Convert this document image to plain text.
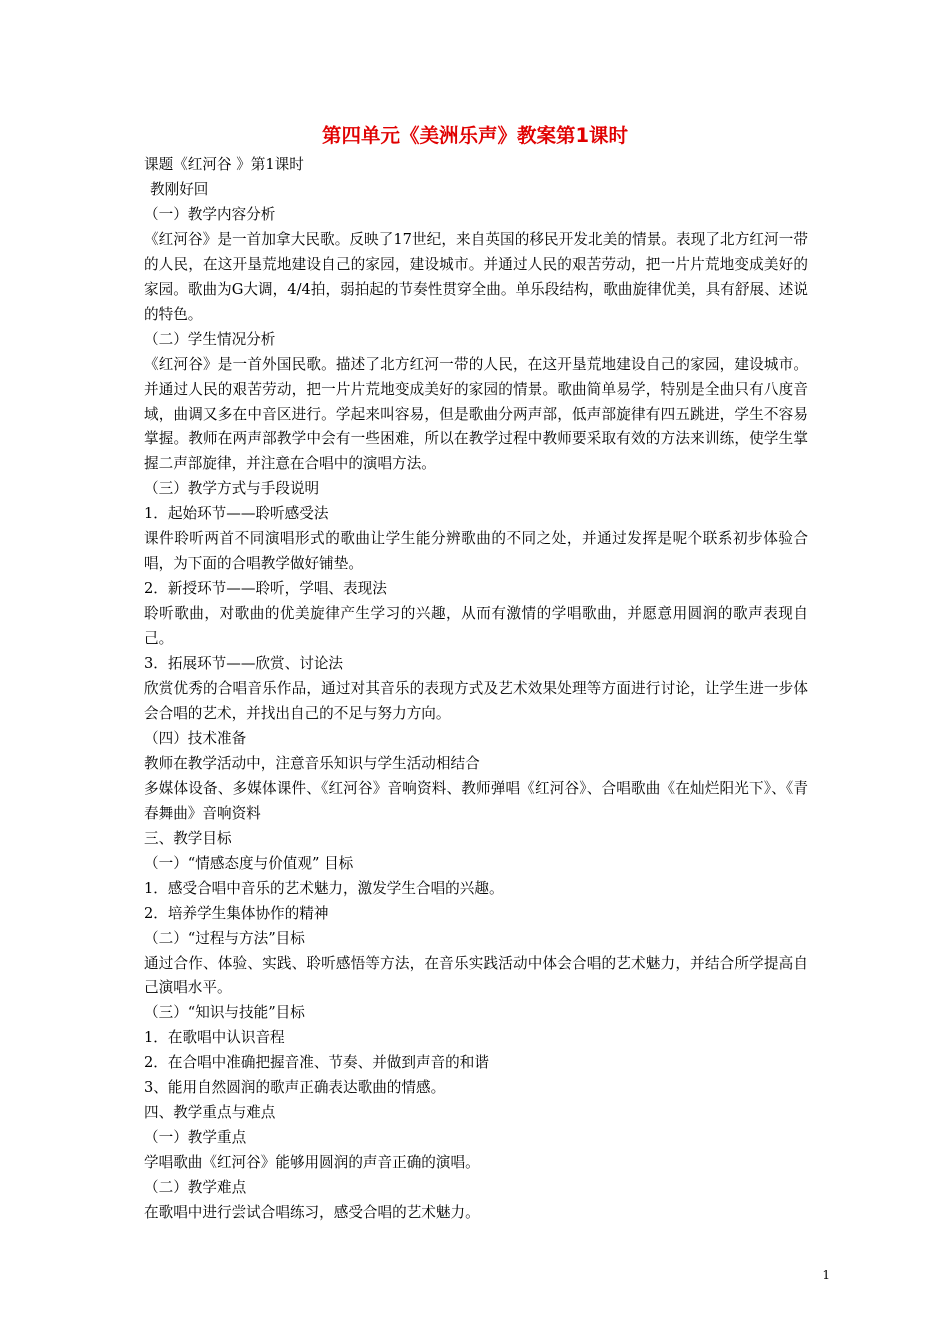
第四单元《美洲乐声》教案第1课时

课题《红河谷 》第1课时

教刚好回

（一）教学内容分析

《红河谷》是一首加拿大民歌。反映了17世纪，来自英国的移民开发北美的情景。表现了北方红河一带的人民，在这开垦荒地建设自己的家园，建设城市。并通过人民的艰苦劳动，把一片片荒地变成美好的家园。歌曲为G大调，4/4拍，弱拍起的节奏性贯穿全曲。单乐段结构，歌曲旋律优美，具有舒展、述说的特色。

（二）学生情况分析

《红河谷》是一首外国民歌。描述了北方红河一带的人民，在这开垦荒地建设自己的家园，建设城市。并通过人民的艰苦劳动，把一片片荒地变成美好的家园的情景。歌曲简单易学，特别是全曲只有八度音域，曲调又多在中音区进行。学起来叫容易，但是歌曲分两声部，低声部旋律有四五跳进，学生不容易掌握。教师在两声部教学中会有一些困难，所以在教学过程中教师要采取有效的方法来训练，使学生掌握二声部旋律，并注意在合唱中的演唱方法。

（三）教学方式与手段说明

1．起始环节——聆听感受法

课件聆听两首不同演唱形式的歌曲让学生能分辨歌曲的不同之处，并通过发挥是呢个联系初步体验合唱，为下面的合唱教学做好铺垫。

2．新授环节——聆听，学唱、表现法

聆听歌曲，对歌曲的优美旋律产生学习的兴趣，从而有激情的学唱歌曲，并愿意用圆润的歌声表现自己。

3．拓展环节——欣赏、讨论法

欣赏优秀的合唱音乐作品，通过对其音乐的表现方式及艺术效果处理等方面进行讨论，让学生进一步体会合唱的艺术，并找出自己的不足与努力方向。

（四）技术准备

教师在教学活动中，注意音乐知识与学生活动相结合

多媒体设备、多媒体课件、《红河谷》音响资料、教师弹唱《红河谷》、合唱歌曲《在灿烂阳光下》、《青春舞曲》音响资料

三、教学目标

（一）“情感态度与价值观” 目标

1．感受合唱中音乐的艺术魅力，激发学生合唱的兴趣。

2．培养学生集体协作的精神

（二）“过程与方法”目标

通过合作、体验、实践、聆听感悟等方法，在音乐实践活动中体会合唱的艺术魅力，并结合所学提高自己演唱水平。

（三）“知识与技能”目标

1．在歌唱中认识音程

2．在合唱中准确把握音准、节奏、并做到声音的和谐

3、能用自然圆润的歌声正确表达歌曲的情感。

四、教学重点与难点

（一）教学重点

学唱歌曲《红河谷》能够用圆润的声音正确的演唱。

（二）教学难点

在歌唱中进行尝试合唱练习，感受合唱的艺术魅力。

1
